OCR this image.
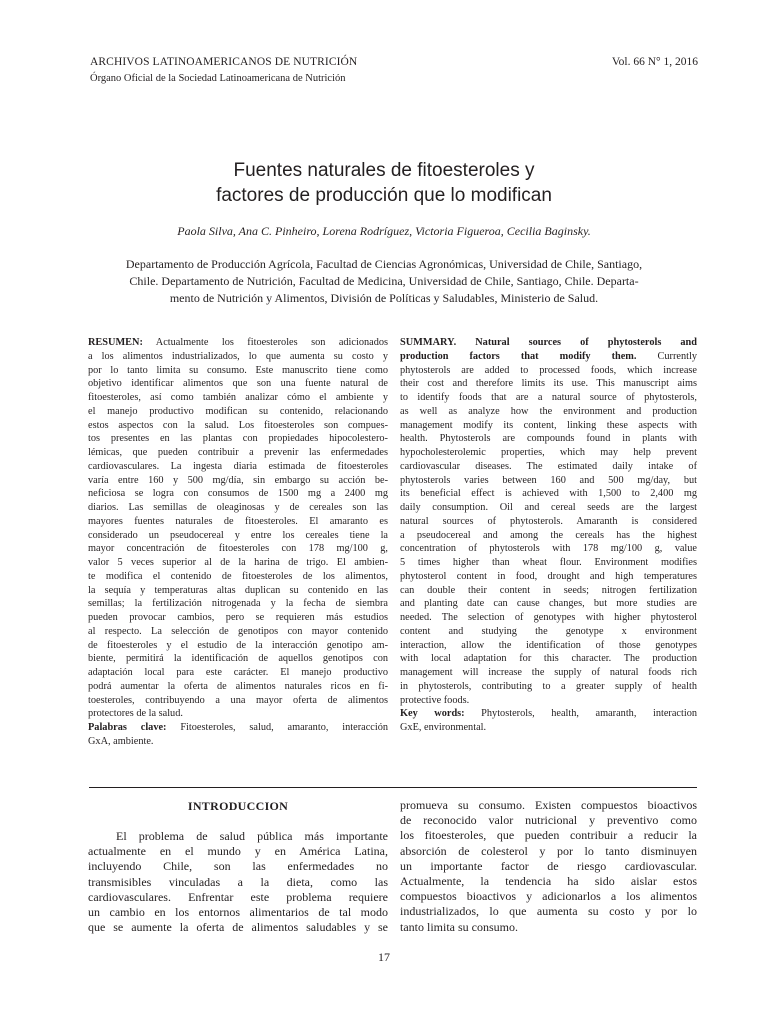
ARCHIVOS LATINOAMERICANOS DE NUTRICIÓN
Órgano Oficial de la Sociedad Latinoamericana de Nutrición
Vol. 66 N° 1, 2016
Fuentes naturales de fitoesteroles y
factores de producción que lo modifican
Paola Silva, Ana C. Pinheiro, Lorena Rodríguez, Victoria Figueroa, Cecilia Baginsky.
Departamento de Producción Agrícola, Facultad de Ciencias Agronómicas, Universidad de Chile, Santiago,
Chile. Departamento de Nutrición, Facultad de Medicina, Universidad de Chile, Santiago, Chile. Departa-
mento de Nutrición y Alimentos, División de Políticas y Saludables, Ministerio de Salud.
RESUMEN: Actualmente los fitoesteroles son adicionados
a los alimentos industrializados, lo que aumenta su costo y
por lo tanto limita su consumo. Este manuscrito tiene como
objetivo identificar alimentos que son una fuente natural de
fitoesteroles, así como también analizar cómo el ambiente y
el manejo productivo modifican su contenido, relacionando
estos aspectos con la salud. Los fitoesteroles son compues-
tos presentes en las plantas con propiedades hipocolestero-
lémicas, que pueden contribuir a prevenir las enfermedades
cardiovasculares. La ingesta diaria estimada de fitoesteroles
varía entre 160 y 500 mg/día, sin embargo su acción be-
neficiosa se logra con consumos de 1500 mg a 2400 mg
diarios. Las semillas de oleaginosas y de cereales son las
mayores fuentes naturales de fitoesteroles. El amaranto es
considerado un pseudocereal y entre los cereales tiene la
mayor concentración de fitoesteroles con 178 mg/100 g,
valor 5 veces superior al de la harina de trigo. El ambien-
te modifica el contenido de fitoesteroles de los alimentos,
la sequía y temperaturas altas duplican su contenido en las
semillas; la fertilización nitrogenada y la fecha de siembra
pueden provocar cambios, pero se requieren más estudios
al respecto. La selección de genotipos con mayor contenido
de fitoesteroles y el estudio de la interacción genotipo am-
biente, permitirá la identificación de aquellos genotipos con
adaptación local para este carácter. El manejo productivo
podrá aumentar la oferta de alimentos naturales ricos en fi-
toesteroles, contribuyendo a una mayor oferta de alimentos
protectores de la salud.
Palabras clave: Fitoesteroles, salud, amaranto, interacción
GxA, ambiente.
SUMMARY. Natural sources of phytosterols and
production factors that modify them. Currently
phytosterols are added to processed foods, which increase
their cost and therefore limits its use. This manuscript aims
to identify foods that are a natural source of phytosterols,
as well as analyze how the environment and production
management modify its content, linking these aspects with
health. Phytosterols are compounds found in plants with
hypocholesterolemic properties, which may help prevent
cardiovascular diseases. The estimated daily intake of
phytosterols varies between 160 and 500 mg/day, but
its beneficial effect is achieved with 1,500 to 2,400 mg
daily consumption. Oil and cereal seeds are the largest
natural sources of phytosterols. Amaranth is considered
a pseudocereal and among the cereals has the highest
concentration of phytosterols with 178 mg/100 g, value
5 times higher than wheat flour. Environment modifies
phytosterol content in food, drought and high temperatures
can double their content in seeds; nitrogen fertilization
and planting date can cause changes, but more studies are
needed. The selection of genotypes with higher phytosterol
content and studying the genotype x environment
interaction, allow the identification of those genotypes
with local adaptation for this character. The production
management will increase the supply of natural foods rich
in phytosterols, contributing to a greater supply of health
protective foods.
Key words: Phytosterols, health, amaranth, interaction
GxE, environmental.
INTRODUCCION
El problema de salud pública más importante
actualmente en el mundo y en América Latina,
incluyendo Chile, son las enfermedades no
transmisibles vinculadas a la dieta, como las
cardiovasculares. Enfrentar este problema requiere
un cambio en los entornos alimentarios de tal modo
que se aumente la oferta de alimentos saludables y se
promueva su consumo. Existen compuestos bioactivos
de reconocido valor nutricional y preventivo como
los fitoesteroles, que pueden contribuir a reducir la
absorción de colesterol y por lo tanto disminuyen
un importante factor de riesgo cardiovascular.
Actualmente, la tendencia ha sido aislar estos
compuestos bioactivos y adicionarlos a los alimentos
industrializados, lo que aumenta su costo y por lo
tanto limita su consumo.
17
